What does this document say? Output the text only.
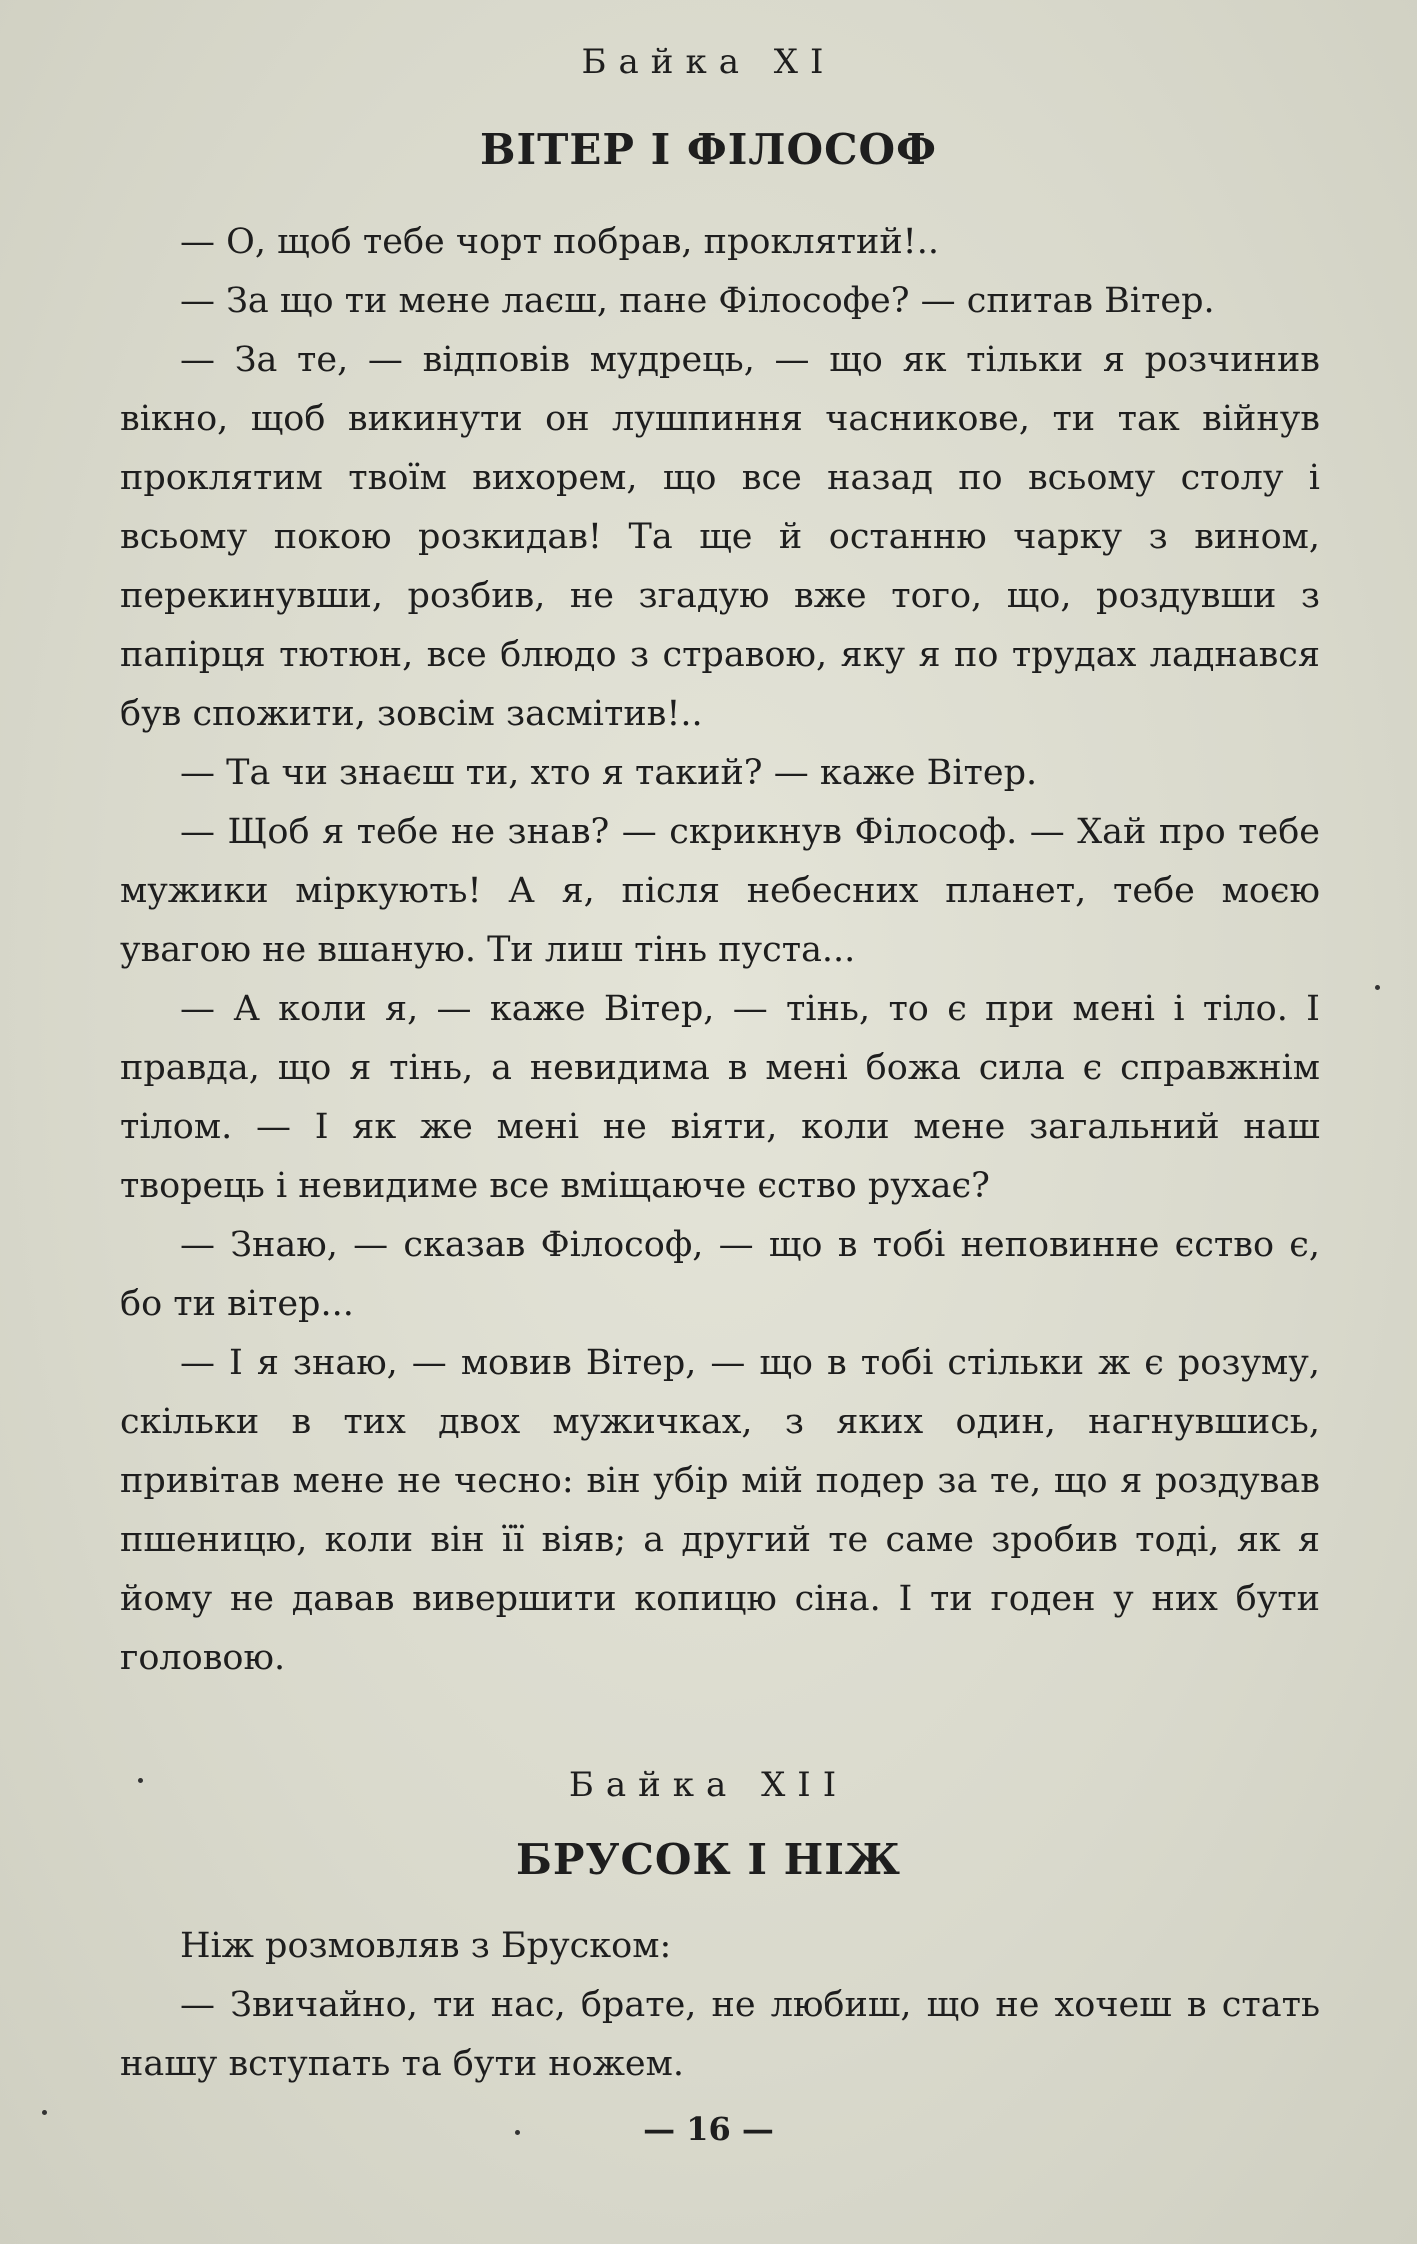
Байка XI
ВІТЕР І ФІЛОСОФ

— О, щоб тебе чорт побрав, проклятий!..

— За що ти мене лаєш, пане Філософе? — спитав Вітер.

— За те, — відповів мудрець, — що як тільки я розчинив вікно, щоб викинути он лушпиння часникове, ти так війнув проклятим твоїм вихорем, що все назад по всьому столу і всьому покою розкидав! Та ще й останню чарку з вином, перекинувши, розбив, не згадую вже того, що, роздувши з папірця тютюн, все блюдо з стравою, яку я по трудах ладнався був спожити, зовсім засмітив!..

— Та чи знаєш ти, хто я такий? — каже Вітер.

— Щоб я тебе не знав? — скрикнув Філософ. — Хай про тебе мужики міркують! А я, після небесних планет, тебе моєю увагою не вшаную. Ти лиш тінь пуста...

— А коли я, — каже Вітер, — тінь, то є при мені і тіло. І правда, що я тінь, а невидима в мені божа сила є справжнім тілом. — І як же мені не віяти, коли мене загальний наш творець і невидиме все вміщаюче єство рухає?

— Знаю, — сказав Філософ, — що в тобі неповинне єство є, бо ти вітер...

— І я знаю, — мовив Вітер, — що в тобі стільки ж є розуму, скільки в тих двох мужичках, з яких один, нагнувшись, привітав мене не чесно: він убір мій подер за те, що я роздував пшеницю, коли він її віяв; а другий те саме зробив тоді, як я йому не давав вивершити копицю сіна. І ти годен у них бути головою.

Байка XII
БРУСОК І НІЖ

Ніж розмовляв з Бруском:

— Звичайно, ти нас, брате, не любиш, що не хочеш в стать нашу вступать та бути ножем.

— 16 —
